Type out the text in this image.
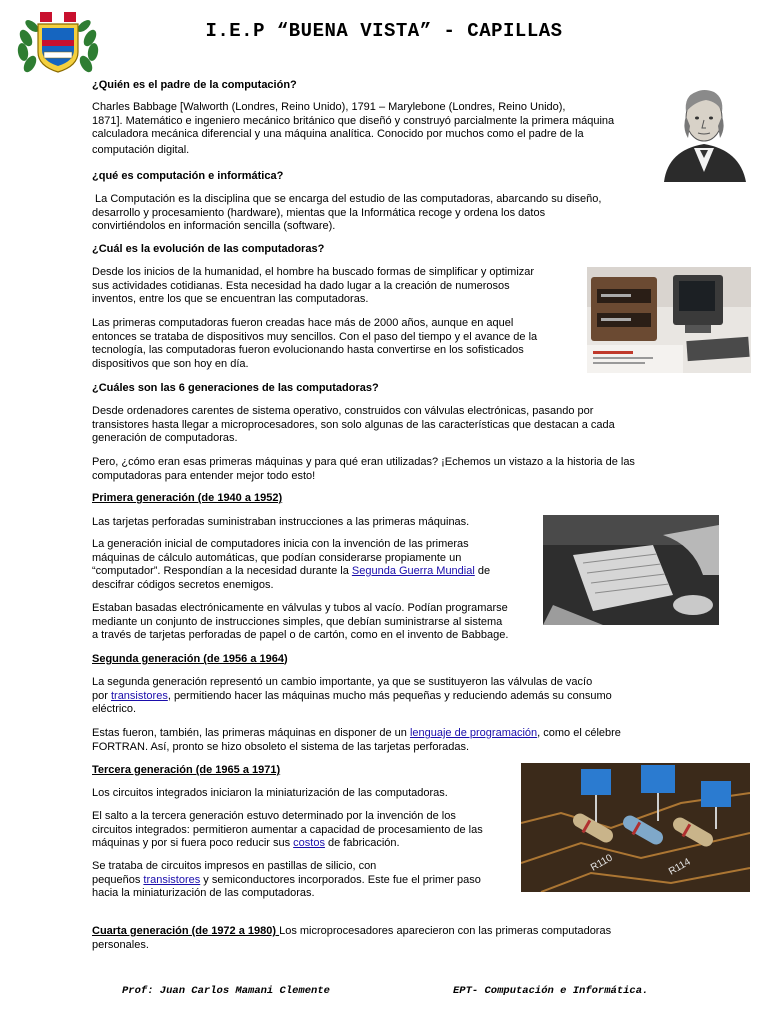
I.E.P “BUENA VISTA” - CAPILLAS
¿Quién es el padre de la computación?
Charles Babbage [Walworth (Londres, Reino Unido), 1791 – Marylebone (Londres, Reino Unido),
1871]. Matemático e ingeniero mecánico británico que diseñó y construyó parcialmente la primera máquina
calculadora mecánica diferencial y una máquina analítica. Conocido por muchos como el padre de la
computación digital.
¿qué es computación e informática?
La Computación es la disciplina que se encarga del estudio de las computadoras, abarcando su diseño,
desarrollo y procesamiento (hardware), mientas que la Informática recoge y ordena los datos
convirtiéndolos en información sencilla (software).
¿Cuál es la evolución de las computadoras?
Desde los inicios de la humanidad, el hombre ha buscado formas de simplificar y optimizar
sus actividades cotidianas. Esta necesidad ha dado lugar a la creación de numerosos
inventos, entre los que se encuentran las computadoras.
Las primeras computadoras fueron creadas hace más de 2000 años, aunque en aquel
entonces se trataba de dispositivos muy sencillos. Con el paso del tiempo y el avance de la
tecnología, las computadoras fueron evolucionando hasta convertirse en los sofisticados
dispositivos que son hoy en día.
¿Cuáles son las 6 generaciones de las computadoras?
Desde ordenadores carentes de sistema operativo, construidos con válvulas electrónicas, pasando por
transistores hasta llegar a microprocesadores, son solo algunas de las características que destacan a cada
generación de computadoras.
Pero, ¿cómo eran esas primeras máquinas y para qué eran utilizadas? ¡Echemos un vistazo a la historia de las
computadoras para entender mejor todo esto!
Primera generación (de 1940 a 1952)
Las tarjetas perforadas suministraban instrucciones a las primeras máquinas.
La generación inicial de computadores inicia con la invención de las primeras
máquinas de cálculo automáticas, que podían considerarse propiamente un
“computador”. Respondían a la necesidad durante la Segunda Guerra Mundial de
descifrar códigos secretos enemigos.
Estaban basadas electrónicamente en válvulas y tubos al vacío. Podían programarse
mediante un conjunto de instrucciones simples, que debían suministrarse al sistema
a través de tarjetas perforadas de papel o de cartón, como en el invento de Babbage.
Segunda generación (de 1956 a 1964)
La segunda generación representó un cambio importante, ya que se sustituyeron las válvulas de vacío
por transistores, permitiendo hacer las máquinas mucho más pequeñas y reduciendo además su consumo
eléctrico.
Estas fueron, también, las primeras máquinas en disponer de un lenguaje de programación, como el célebre
FORTRAN. Así, pronto se hizo obsoleto el sistema de las tarjetas perforadas.
Tercera generación (de 1965 a 1971)
Los circuitos integrados iniciaron la miniaturización de las computadoras.
El salto a la tercera generación estuvo determinado por la invención de los
circuitos integrados: permitieron aumentar a capacidad de procesamiento de las
máquinas y por si fuera poco reducir sus costos de fabricación.
Se trataba de circuitos impresos en pastillas de silicio, con
pequeños transistores y semiconductores incorporados. Este fue el primer paso
hacia la miniaturización de las computadoras.
R110	R114
Cuarta generación (de 1972 a 1980) Los microprocesadores aparecieron con las primeras computadoras
personales.
Prof: Juan Carlos Mamani Clemente	EPT- Computación e Informática.
